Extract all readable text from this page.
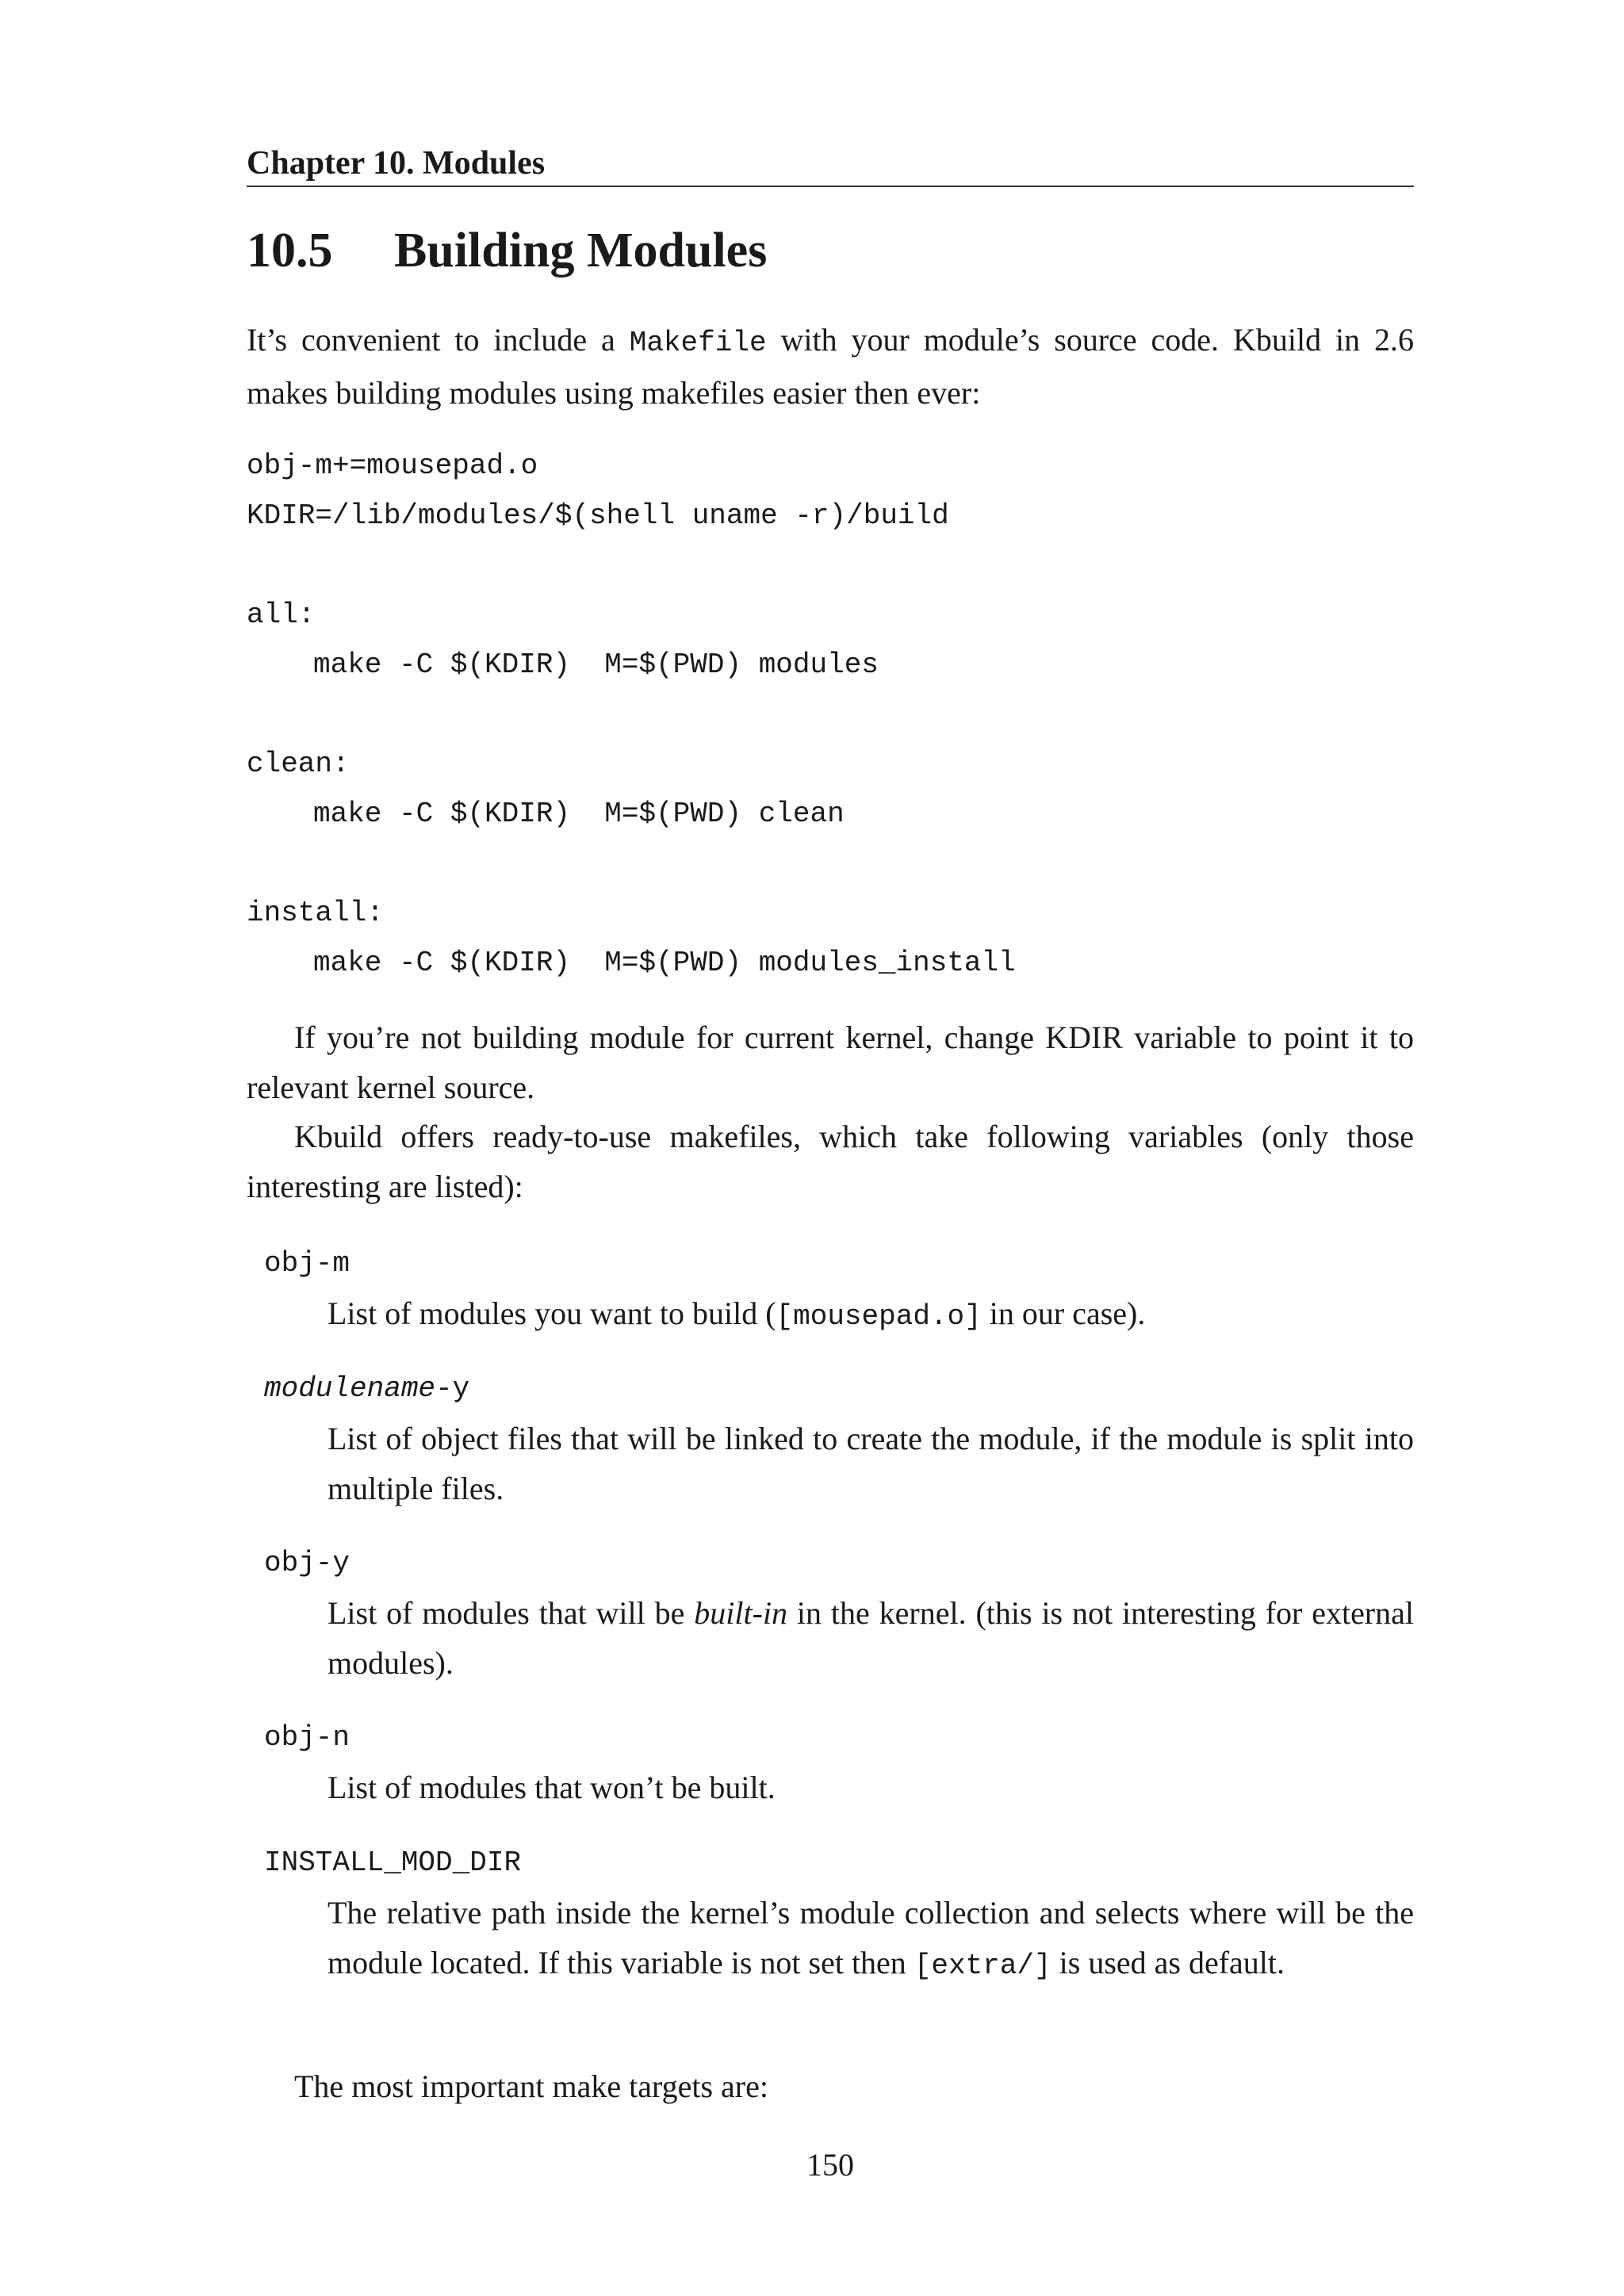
Chapter 10. Modules
10.5 Building Modules
It’s convenient to include a Makefile with your module’s source code. Kbuild in 2.6 makes building modules using makefiles easier then ever:
obj-m+=mousepad.o
KDIR=/lib/modules/$(shell uname -r)/build
all:
make -C $(KDIR)  M=$(PWD) modules
clean:
make -C $(KDIR)  M=$(PWD) clean
install:
make -C $(KDIR)  M=$(PWD) modules_install
If you’re not building module for current kernel, change KDIR variable to point it to relevant kernel source.
Kbuild offers ready-to-use makefiles, which take following variables (only those interesting are listed):
obj-m
List of modules you want to build ([mousepad.o] in our case).
modulename-y
List of object files that will be linked to create the module, if the module is split into multiple files.
obj-y
List of modules that will be built-in in the kernel. (this is not interesting for external modules).
obj-n
List of modules that won’t be built.
INSTALL_MOD_DIR
The relative path inside the kernel’s module collection and selects where will be the module located. If this variable is not set then [extra/] is used as default.
The most important make targets are:
150
